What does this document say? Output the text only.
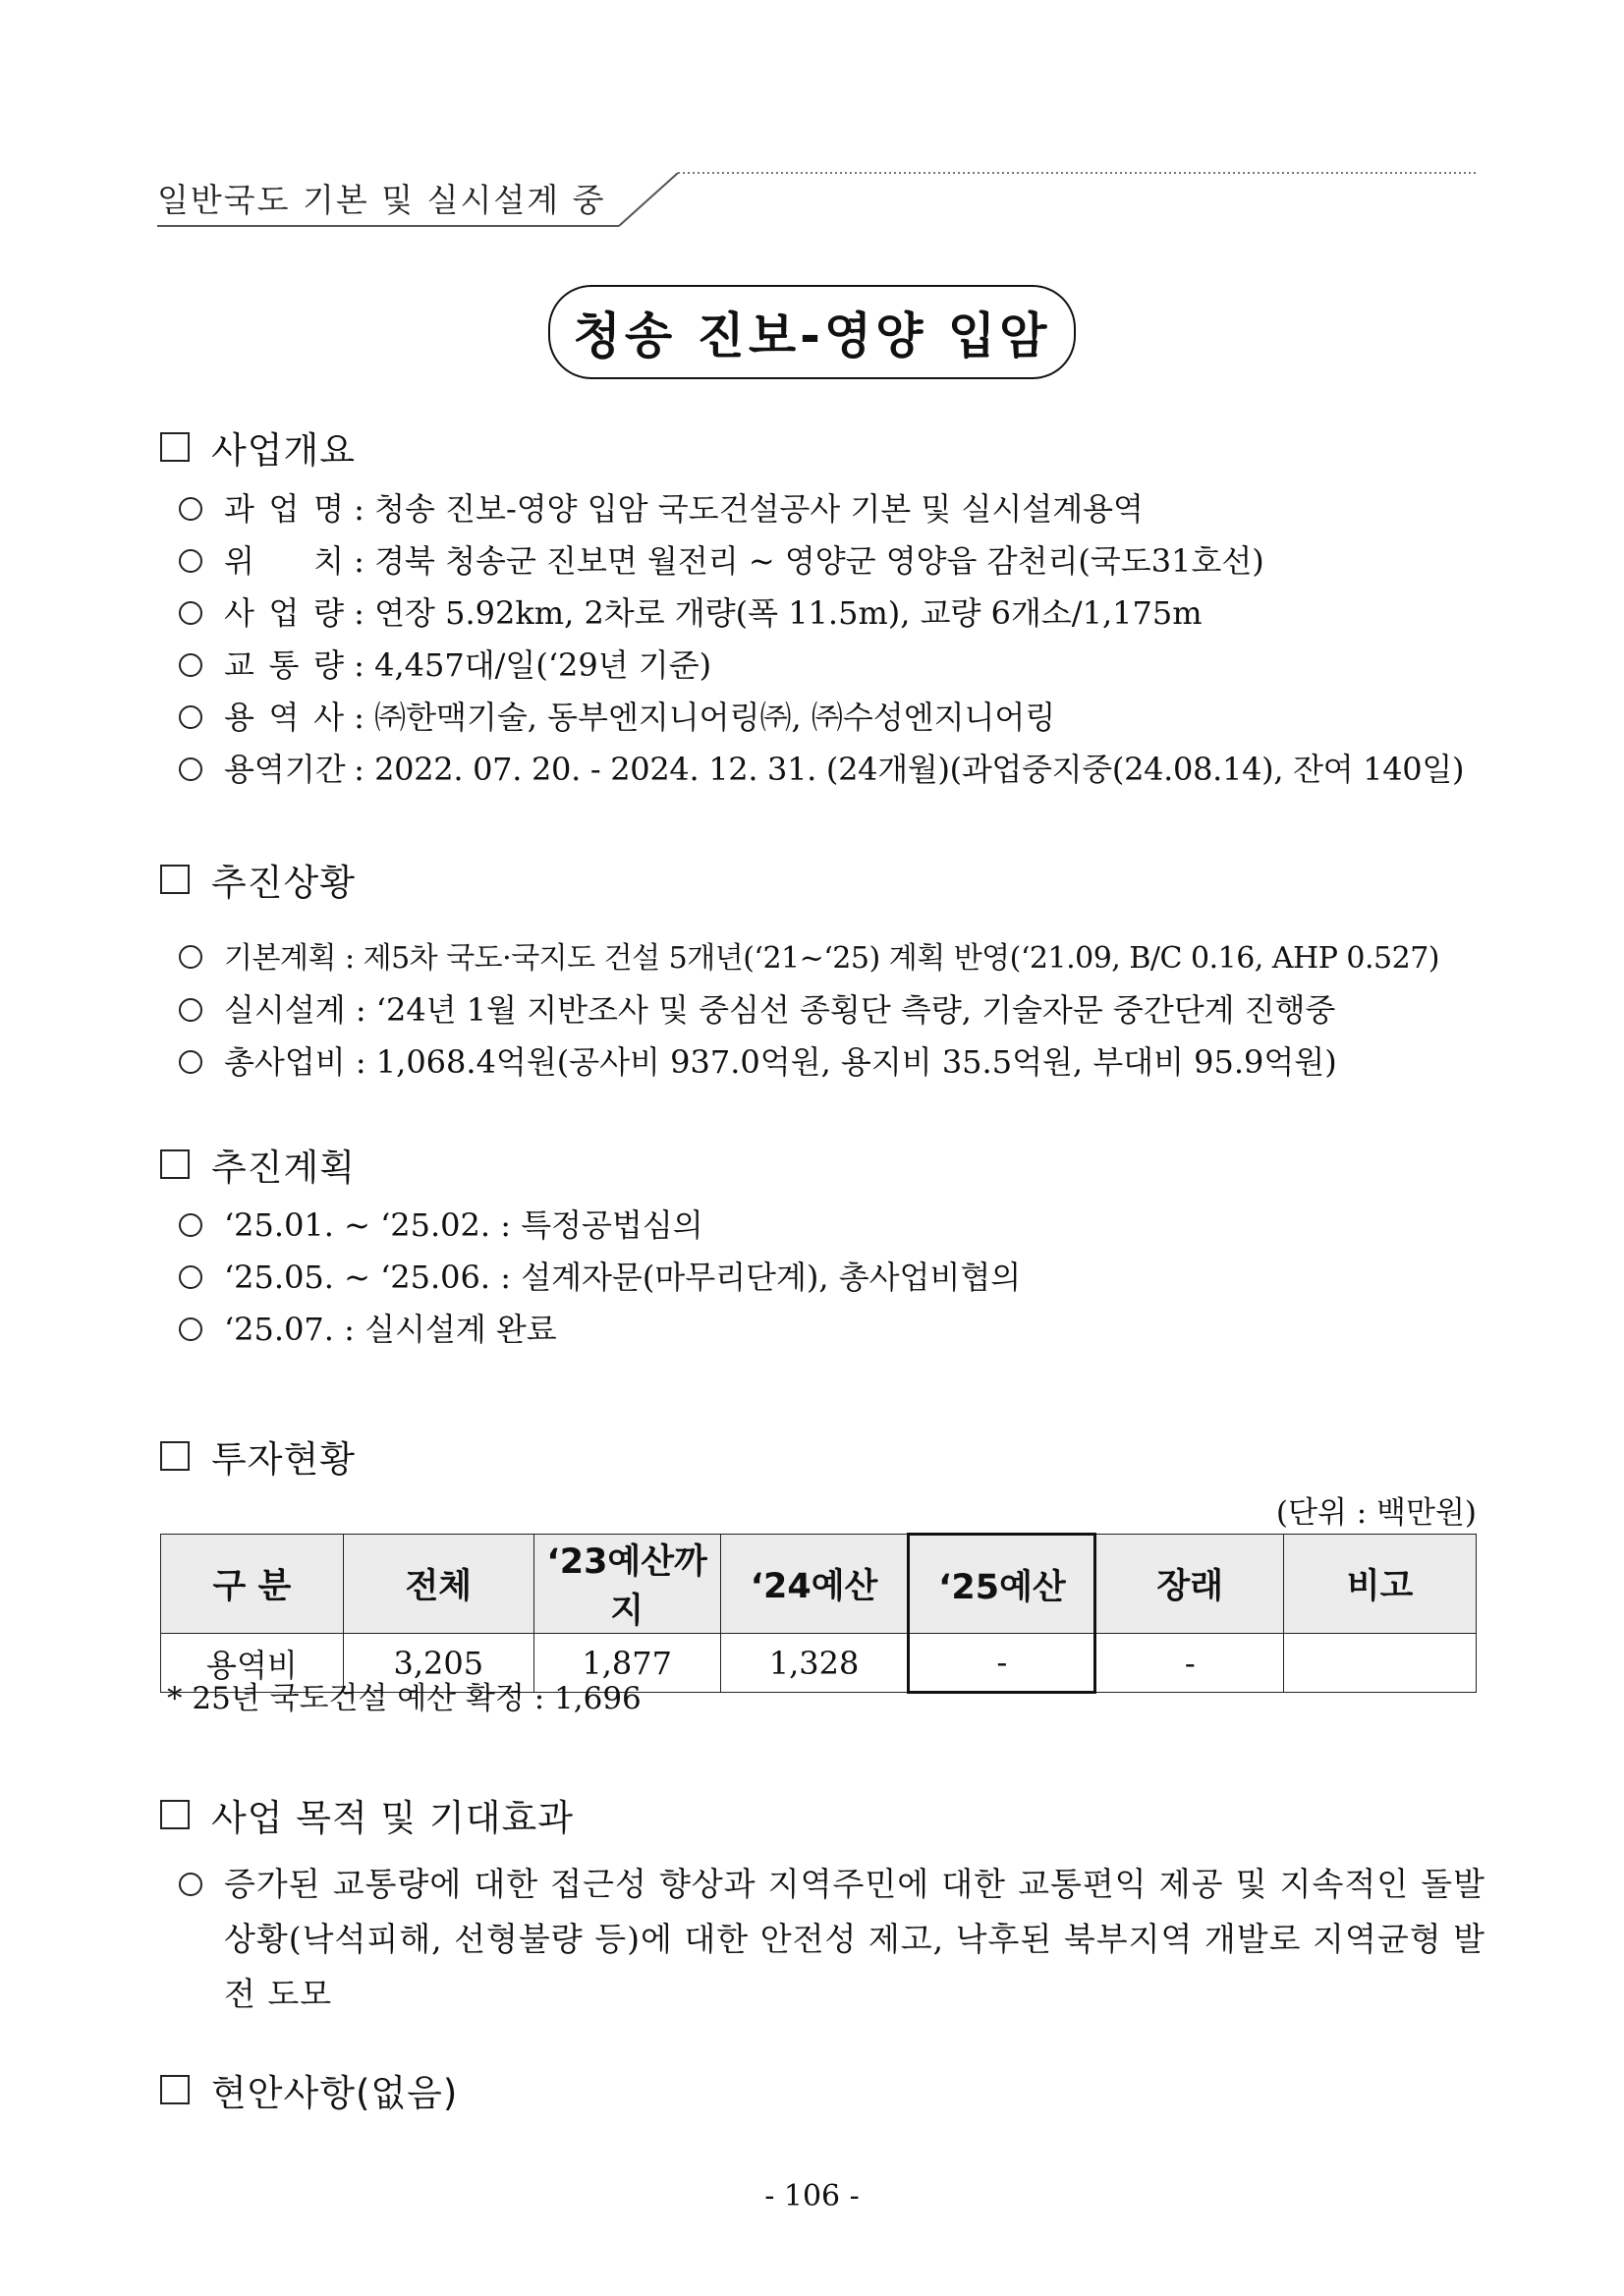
일반국도 기본 및 실시설계 중
청송 진보-영양 입암
사업개요
과 업 명 : 청송 진보-영양 입암 국도건설공사 기본 및 실시설계용역
위 치 : 경북 청송군 진보면 월전리 ~ 영양군 영양읍 감천리(국도31호선)
사 업 량 : 연장 5.92km, 2차로 개량(폭 11.5m), 교량 6개소/1,175m
교 통 량 : 4,457대/일(‘29년 기준)
용 역 사 : ㈜한맥기술, 동부엔지니어링㈜, ㈜수성엔지니어링
용역기간 : 2022. 07. 20. - 2024. 12. 31. (24개월)(과업중지중(24.08.14), 잔여 140일)
추진상황
기본계획 : 제5차 국도·국지도 건설 5개년(‘21~‘25) 계획 반영(‘21.09, B/C 0.16, AHP 0.527)
실시설계 : ‘24년 1월 지반조사 및 중심선 종횡단 측량, 기술자문 중간단계 진행중
총사업비 : 1,068.4억원(공사비 937.0억원, 용지비 35.5억원, 부대비 95.9억원)
추진계획
‘25.01. ~ ‘25.02. : 특정공법심의
‘25.05. ~ ‘25.06. : 설계자문(마무리단계), 총사업비협의
‘25.07. : 실시설계 완료
투자현황
(단위 : 백만원)
구 분	전체	‘23예산까지	‘24예산	‘25예산	장래	비고
용역비	3,205	1,877	1,328	-	-	
* 25년 국도건설 예산 확정 : 1,696
사업 목적 및 기대효과
증가된 교통량에 대한 접근성 향상과 지역주민에 대한 교통편익 제공 및 지속적인 돌발 상황(낙석피해, 선형불량 등)에 대한 안전성 제고, 낙후된 북부지역 개발로 지역균형 발전 도모
현안사항(없음)
- 106 -
